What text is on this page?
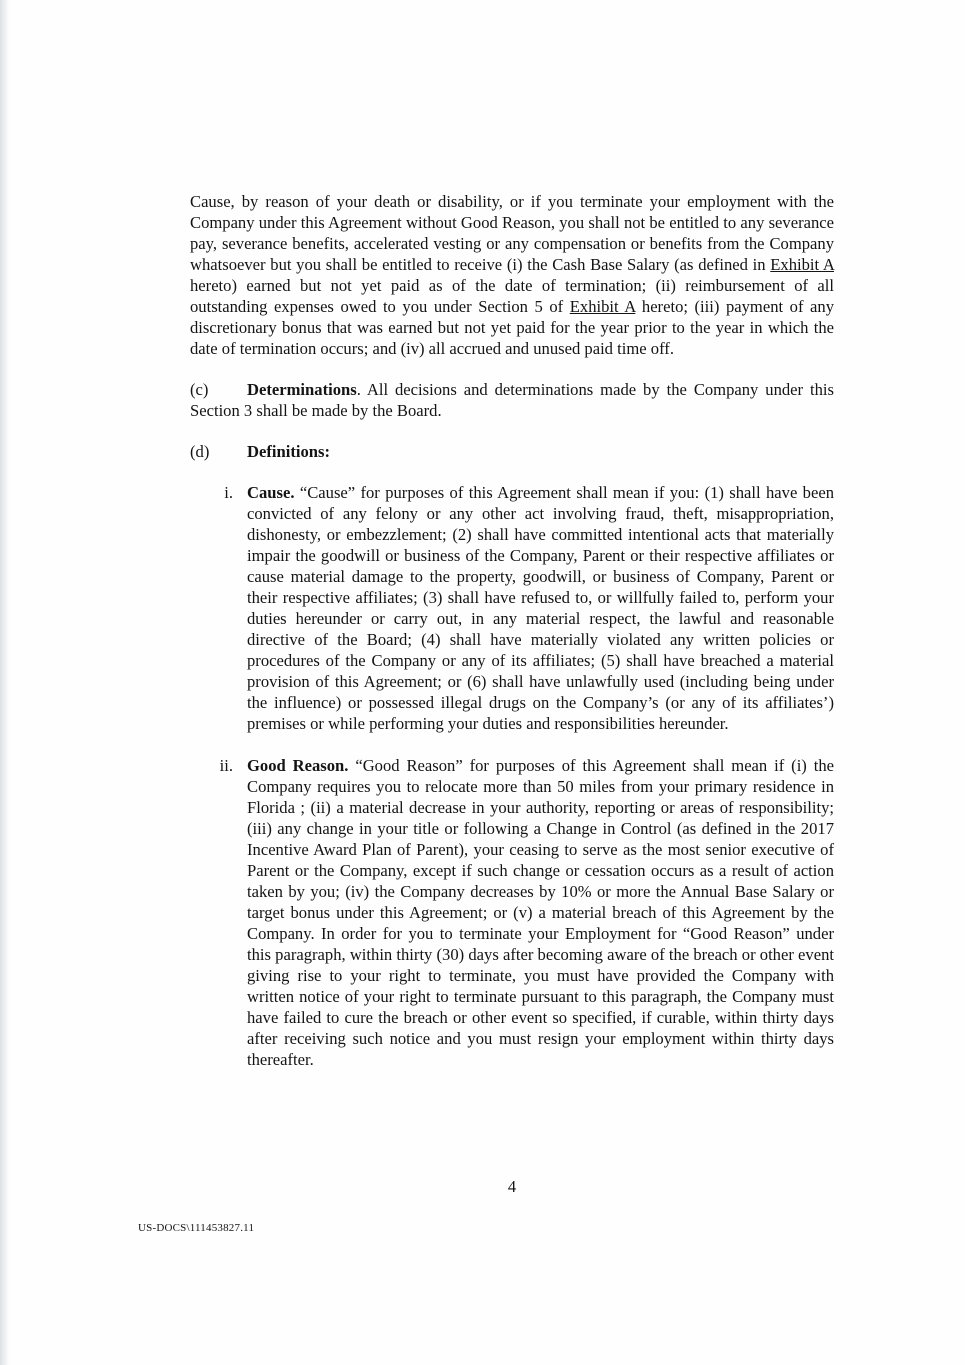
Cause, by reason of your death or disability, or if you terminate your employment with the Company under this Agreement without Good Reason, you shall not be entitled to any severance pay, severance benefits, accelerated vesting or any compensation or benefits from the Company whatsoever but you shall be entitled to receive (i) the Cash Base Salary (as defined in Exhibit A hereto) earned but not yet paid as of the date of termination; (ii) reimbursement of all outstanding expenses owed to you under Section 5 of Exhibit A hereto; (iii) payment of any discretionary bonus that was earned but not yet paid for the year prior to the year in which the date of termination occurs; and (iv) all accrued and unused paid time off.

(c) Determinations. All decisions and determinations made by the Company under this Section 3 shall be made by the Board.

(d) Definitions:

i. Cause. “Cause” for purposes of this Agreement shall mean if you: (1) shall have been convicted of any felony or any other act involving fraud, theft, misappropriation, dishonesty, or embezzlement; (2) shall have committed intentional acts that materially impair the goodwill or business of the Company, Parent or their respective affiliates or cause material damage to the property, goodwill, or business of Company, Parent or their respective affiliates; (3) shall have refused to, or willfully failed to, perform your duties hereunder or carry out, in any material respect, the lawful and reasonable directive of the Board; (4) shall have materially violated any written policies or procedures of the Company or any of its affiliates; (5) shall have breached a material provision of this Agreement; or (6) shall have unlawfully used (including being under the influence) or possessed illegal drugs on the Company’s (or any of its affiliates’) premises or while performing your duties and responsibilities hereunder.

ii. Good Reason. “Good Reason” for purposes of this Agreement shall mean if (i) the Company requires you to relocate more than 50 miles from your primary residence in Florida ; (ii) a material decrease in your authority, reporting or areas of responsibility; (iii) any change in your title or following a Change in Control (as defined in the 2017 Incentive Award Plan of Parent), your ceasing to serve as the most senior executive of Parent or the Company, except if such change or cessation occurs as a result of action taken by you; (iv) the Company decreases by 10% or more the Annual Base Salary or target bonus under this Agreement; or (v) a material breach of this Agreement by the Company. In order for you to terminate your Employment for “Good Reason” under this paragraph, within thirty (30) days after becoming aware of the breach or other event giving rise to your right to terminate, you must have provided the Company with written notice of your right to terminate pursuant to this paragraph, the Company must have failed to cure the breach or other event so specified, if curable, within thirty days after receiving such notice and you must resign your employment within thirty days thereafter.

4
US-DOCS\111453827.11
